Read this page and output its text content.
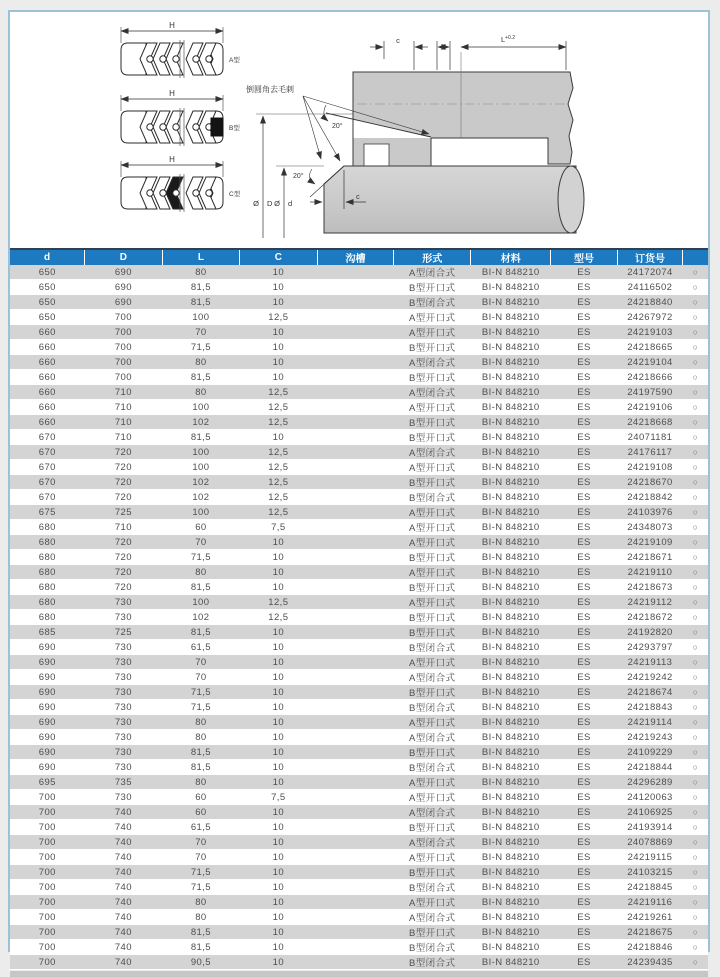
H
A型
H
B型
H
C型
c	$L^{+0.2}$
倒圆角去毛刺
20°
20°
Ø D Ø d
c
d	D	L	C	沟槽	形式	材料	型号	订货号	
650	690	80	10		A型闭合式	BI-N 848210	ES	24172074	○
650	690	81,5	10		B型开口式	BI-N 848210	ES	24116502	○
650	690	81,5	10		B型闭合式	BI-N 848210	ES	24218840	○
650	700	100	12,5		A型开口式	BI-N 848210	ES	24267972	○
660	700	70	10		A型开口式	BI-N 848210	ES	24219103	○
660	700	71,5	10		B型开口式	BI-N 848210	ES	24218665	○
660	700	80	10		A型闭合式	BI-N 848210	ES	24219104	○
660	700	81,5	10		B型开口式	BI-N 848210	ES	24218666	○
660	710	80	12,5		A型闭合式	BI-N 848210	ES	24197590	○
660	710	100	12,5		A型开口式	BI-N 848210	ES	24219106	○
660	710	102	12,5		B型开口式	BI-N 848210	ES	24218668	○
670	710	81,5	10		B型开口式	BI-N 848210	ES	24071181	○
670	720	100	12,5		A型闭合式	BI-N 848210	ES	24176117	○
670	720	100	12,5		A型开口式	BI-N 848210	ES	24219108	○
670	720	102	12,5		B型开口式	BI-N 848210	ES	24218670	○
670	720	102	12,5		B型闭合式	BI-N 848210	ES	24218842	○
675	725	100	12,5		A型开口式	BI-N 848210	ES	24103976	○
680	710	60	7,5		A型开口式	BI-N 848210	ES	24348073	○
680	720	70	10		A型开口式	BI-N 848210	ES	24219109	○
680	720	71,5	10		B型开口式	BI-N 848210	ES	24218671	○
680	720	80	10		A型开口式	BI-N 848210	ES	24219110	○
680	720	81,5	10		B型开口式	BI-N 848210	ES	24218673	○
680	730	100	12,5		A型开口式	BI-N 848210	ES	24219112	○
680	730	102	12,5		B型开口式	BI-N 848210	ES	24218672	○
685	725	81,5	10		B型开口式	BI-N 848210	ES	24192820	○
690	730	61,5	10		B型闭合式	BI-N 848210	ES	24293797	○
690	730	70	10		A型开口式	BI-N 848210	ES	24219113	○
690	730	70	10		A型闭合式	BI-N 848210	ES	24219242	○
690	730	71,5	10		B型开口式	BI-N 848210	ES	24218674	○
690	730	71,5	10		B型闭合式	BI-N 848210	ES	24218843	○
690	730	80	10		A型开口式	BI-N 848210	ES	24219114	○
690	730	80	10		A型闭合式	BI-N 848210	ES	24219243	○
690	730	81,5	10		B型开口式	BI-N 848210	ES	24109229	○
690	730	81,5	10		B型闭合式	BI-N 848210	ES	24218844	○
695	735	80	10		A型开口式	BI-N 848210	ES	24296289	○
700	730	60	7,5		A型开口式	BI-N 848210	ES	24120063	○
700	740	60	10		A型闭合式	BI-N 848210	ES	24106925	○
700	740	61,5	10		B型开口式	BI-N 848210	ES	24193914	○
700	740	70	10		A型闭合式	BI-N 848210	ES	24078869	○
700	740	70	10		A型开口式	BI-N 848210	ES	24219115	○
700	740	71,5	10		B型开口式	BI-N 848210	ES	24103215	○
700	740	71,5	10		B型闭合式	BI-N 848210	ES	24218845	○
700	740	80	10		A型开口式	BI-N 848210	ES	24219116	○
700	740	80	10		A型闭合式	BI-N 848210	ES	24219261	○
700	740	81,5	10		B型开口式	BI-N 848210	ES	24218675	○
700	740	81,5	10		B型闭合式	BI-N 848210	ES	24218846	○
700	740	90,5	10		B型闭合式	BI-N 848210	ES	24239435	○
